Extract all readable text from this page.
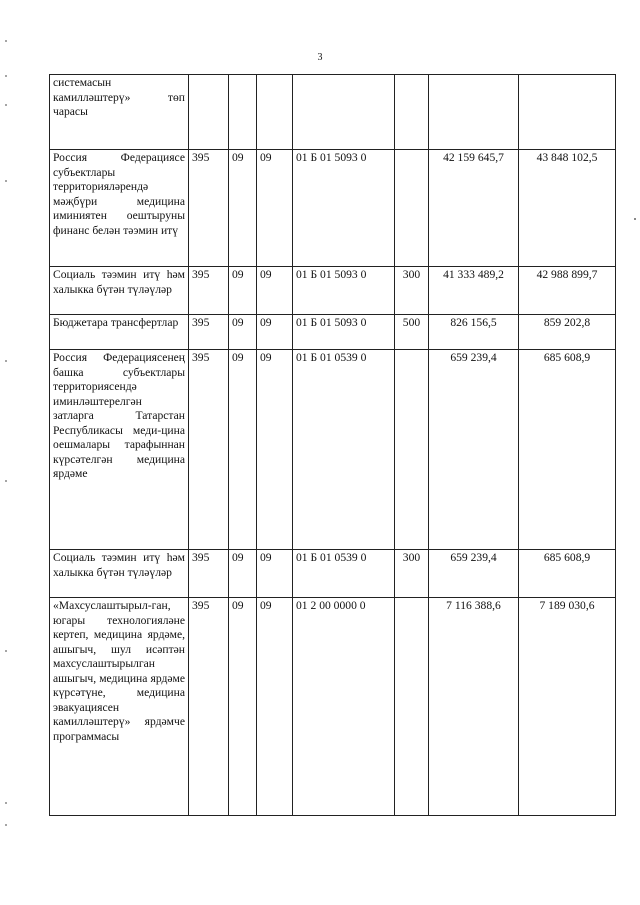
3
системасын камилләштерү» төп чарасы							
Россия Федерациясе субъектлары территорияләрендә мәҗбүри медицина иминиятен оештыруны финанс белән тәэмин итү	395	09	09	01 Б 01 5093 0		42 159 645,7	43 848 102,5
Социаль тәэмин итү һәм халыкка бүтән түләүләр	395	09	09	01 Б 01 5093 0	300	41 333 489,2	42 988 899,7
Бюджетара трансфертлар	395	09	09	01 Б 01 5093 0	500	826 156,5	859 202,8
Россия Федерациясенең башка субъектлары территориясендә иминләштерелгән затларга Татарстан Республикасы меди-цина оешмалары тарафыннан күрсәтелгән медицина ярдәме	395	09	09	01 Б 01 0539 0		659 239,4	685 608,9
Социаль тәэмин итү һәм халыкка бүтән түләүләр	395	09	09	01 Б 01 0539 0	300	659 239,4	685 608,9
«Махсуслаштырыл-ган, югары технологияләне кертеп, медицина ярдәме, ашыгыч, шул исәптән махсуслаштырылган ашыгыч, медицина ярдәме күрсәтүне, медицина эвакуациясен камилләштерү» ярдәмче программасы	395	09	09	01 2 00 0000 0		7 116 388,6	7 189 030,6
